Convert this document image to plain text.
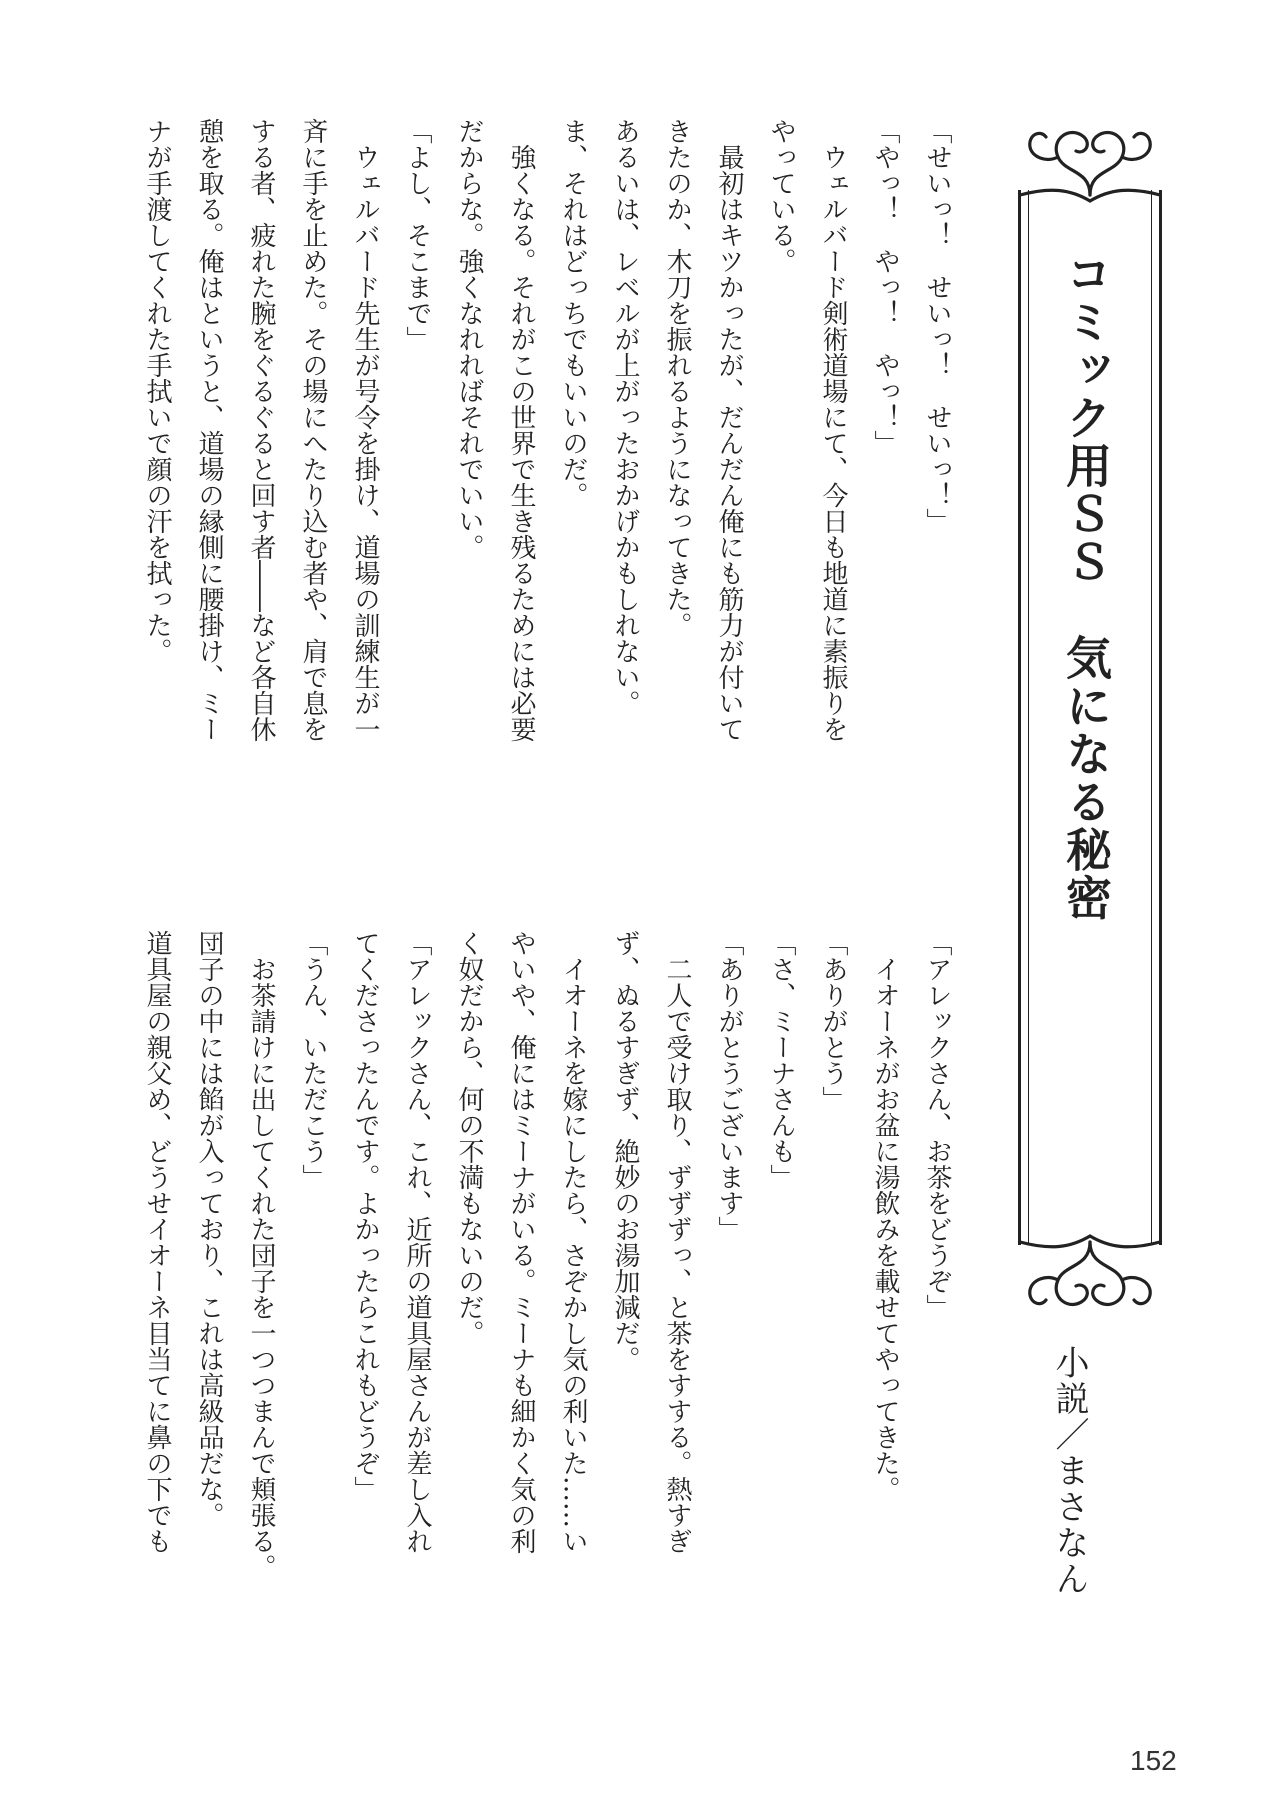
コミック用ＳＳ　気になる秘密
小説／まさなん
「せいっ！　せいっ！　せいっ！」
「やっ！　やっ！　やっ！」
　ウェルバード剣術道場にて、今日も地道に素振りを
やっている。
　最初はキツかったが、だんだん俺にも筋力が付いて
きたのか、木刀を振れるようになってきた。
あるいは、レベルが上がったおかげかもしれない。
ま、それはどっちでもいいのだ。
　強くなる。それがこの世界で生き残るためには必要
だからな。強くなれればそれでいい。
「よし、そこまで」
　ウェルバード先生が号令を掛け、道場の訓練生が一
斉に手を止めた。その場にへたり込む者や、肩で息を
する者、疲れた腕をぐるぐると回す者――など各自休
憩を取る。俺はというと、道場の縁側に腰掛け、ミー
ナが手渡してくれた手拭いで顔の汗を拭った。
「アレックさん、お茶をどうぞ」
　イオーネがお盆に湯飲みを載せてやってきた。
「ありがとう」
「さ、ミーナさんも」
「ありがとうございます」
　二人で受け取り、ずずずっ、と茶をすする。熱すぎ
ず、ぬるすぎず、絶妙のお湯加減だ。
　イオーネを嫁にしたら、さぞかし気の利いた……い
やいや、俺にはミーナがいる。ミーナも細かく気の利
く奴だから、何の不満もないのだ。
「アレックさん、これ、近所の道具屋さんが差し入れ
てくださったんです。よかったらこれもどうぞ」
「うん、いただこう」
　お茶請けに出してくれた団子を一つつまんで頬張る。
団子の中には餡が入っており、これは高級品だな。
道具屋の親父め、どうせイオーネ目当てに鼻の下でも
152
